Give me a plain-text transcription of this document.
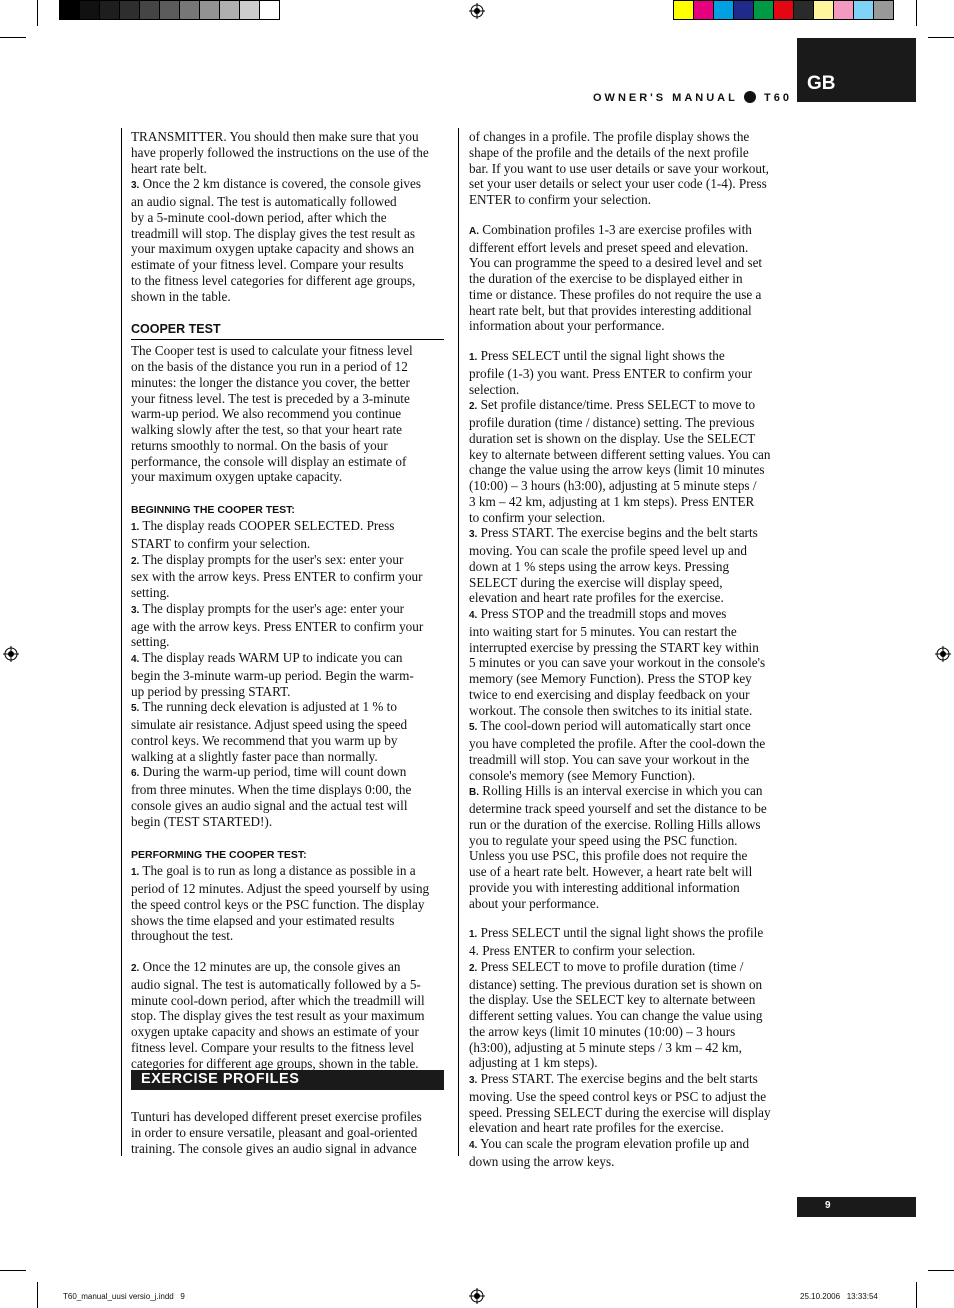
OWNER'S MANUAL T60
GB

TRANSMITTER. You should then make sure that you

have properly followed the instructions on the use of the

heart rate belt.

3. Once the 2 km distance is covered, the console gives

an audio signal. The test is automatically followed

by a 5-minute cool-down period, after which the

treadmill will stop. The display gives the test result as

your maximum oxygen uptake capacity and shows an

estimate of your fitness level. Compare your results

to the fitness level categories for different age groups,

shown in the table.

COOPER TEST

The Cooper test is used to calculate your fitness level

on the basis of the distance you run in a period of 12

minutes: the longer the distance you cover, the better

your fitness level. The test is preceded by a 3-minute

warm-up period. We also recommend you continue

walking slowly after the test, so that your heart rate

returns smoothly to normal. On the basis of your

performance, the console will display an estimate of

your maximum oxygen uptake capacity.

BEGINNING THE COOPER TEST:

1. The display reads COOPER SELECTED. Press

START to confirm your selection.

2. The display prompts for the user's sex: enter your

sex with the arrow keys. Press ENTER to confirm your

setting.

3. The display prompts for the user's age: enter your

age with the arrow keys. Press ENTER to confirm your

setting.

4. The display reads WARM UP to indicate you can

begin the 3-minute warm-up period. Begin the warm-

up period by pressing START.

5. The running deck elevation is adjusted at 1 % to

simulate air resistance. Adjust speed using the speed

control keys. We recommend that you warm up by

walking at a slightly faster pace than normally.

6. During the warm-up period, time will count down

from three minutes. When the time displays 0:00, the

console gives an audio signal and the actual test will

begin (TEST STARTED!).

PERFORMING THE COOPER TEST:

1. The goal is to run as long a distance as possible in a

period of 12 minutes. Adjust the speed yourself by using

the speed control keys or the PSC function. The display

shows the time elapsed and your estimated results

throughout the test.

2. Once the 12 minutes are up, the console gives an

audio signal. The test is automatically followed by a 5-

minute cool-down period, after which the treadmill will

stop. The display gives the test result as your maximum

oxygen uptake capacity and shows an estimate of your

fitness level. Compare your results to the fitness level

categories for different age groups, shown in the table.

Tunturi has developed different preset exercise profiles

in order to ensure versatile, pleasant and goal-oriented

training. The console gives an audio signal in advance

EXERCISE PROFILES

of changes in a profile. The profile display shows the

shape of the profile and the details of the next profile

bar. If you want to use user details or save your workout,

set your user details or select your user code (1-4). Press

ENTER to confirm your selection.

A. Combination profiles 1-3 are exercise profiles with

different effort levels and preset speed and elevation.

You can programme the speed to a desired level and set

the duration of the exercise to be displayed either in

time or distance. These profiles do not require the use a

heart rate belt, but that provides interesting additional

information about your performance.

1. Press SELECT until the signal light shows the

profile (1-3) you want. Press ENTER to confirm your

selection.

2. Set profile distance/time. Press SELECT to move to

profile duration (time / distance) setting. The previous

duration set is shown on the display. Use the SELECT

key to alternate between different setting values. You can

change the value using the arrow keys (limit 10 minutes

(10:00) – 3 hours (h3:00), adjusting at 5 minute steps /

3 km – 42 km, adjusting at 1 km steps). Press ENTER

to confirm your selection.

3. Press START. The exercise begins and the belt starts

moving. You can scale the profile speed level up and

down at 1 % steps using the arrow keys. Pressing

SELECT during the exercise will display speed,

elevation and heart rate profiles for the exercise.

4. Press STOP and the treadmill stops and moves

into waiting start for 5 minutes. You can restart the

interrupted exercise by pressing the START key within

5 minutes or you can save your workout in the console's

memory (see Memory Function). Press the STOP key

twice to end exercising and display feedback on your

workout. The console then switches to its initial state.

5. The cool-down period will automatically start once

you have completed the profile. After the cool-down the

treadmill will stop. You can save your workout in the

console's memory (see Memory Function).

B. Rolling Hills is an interval exercise in which you can

determine track speed yourself and set the distance to be

run or the duration of the exercise. Rolling Hills allows

you to regulate your speed using the PSC function.

Unless you use PSC, this profile does not require the

use of a heart rate belt. However, a heart rate belt will

provide you with interesting additional information

about your performance.

1. Press SELECT until the signal light shows the profile

4. Press ENTER to confirm your selection.

2. Press SELECT to move to profile duration (time /

distance) setting. The previous duration set is shown on

the display. Use the SELECT key to alternate between

different setting values. You can change the value using

the arrow keys (limit 10 minutes (10:00) – 3 hours

(h3:00), adjusting at 5 minute steps / 3 km – 42 km,

adjusting at 1 km steps).

3. Press START. The exercise begins and the belt starts

moving. Use the speed control keys or PSC to adjust the

speed. Pressing SELECT during the exercise will display

elevation and heart rate profiles for the exercise.

4. You can scale the program elevation profile up and

down using the arrow keys.

9
T60_manual_uusi versio_j.indd   9	25.10.2006   13:33:54
